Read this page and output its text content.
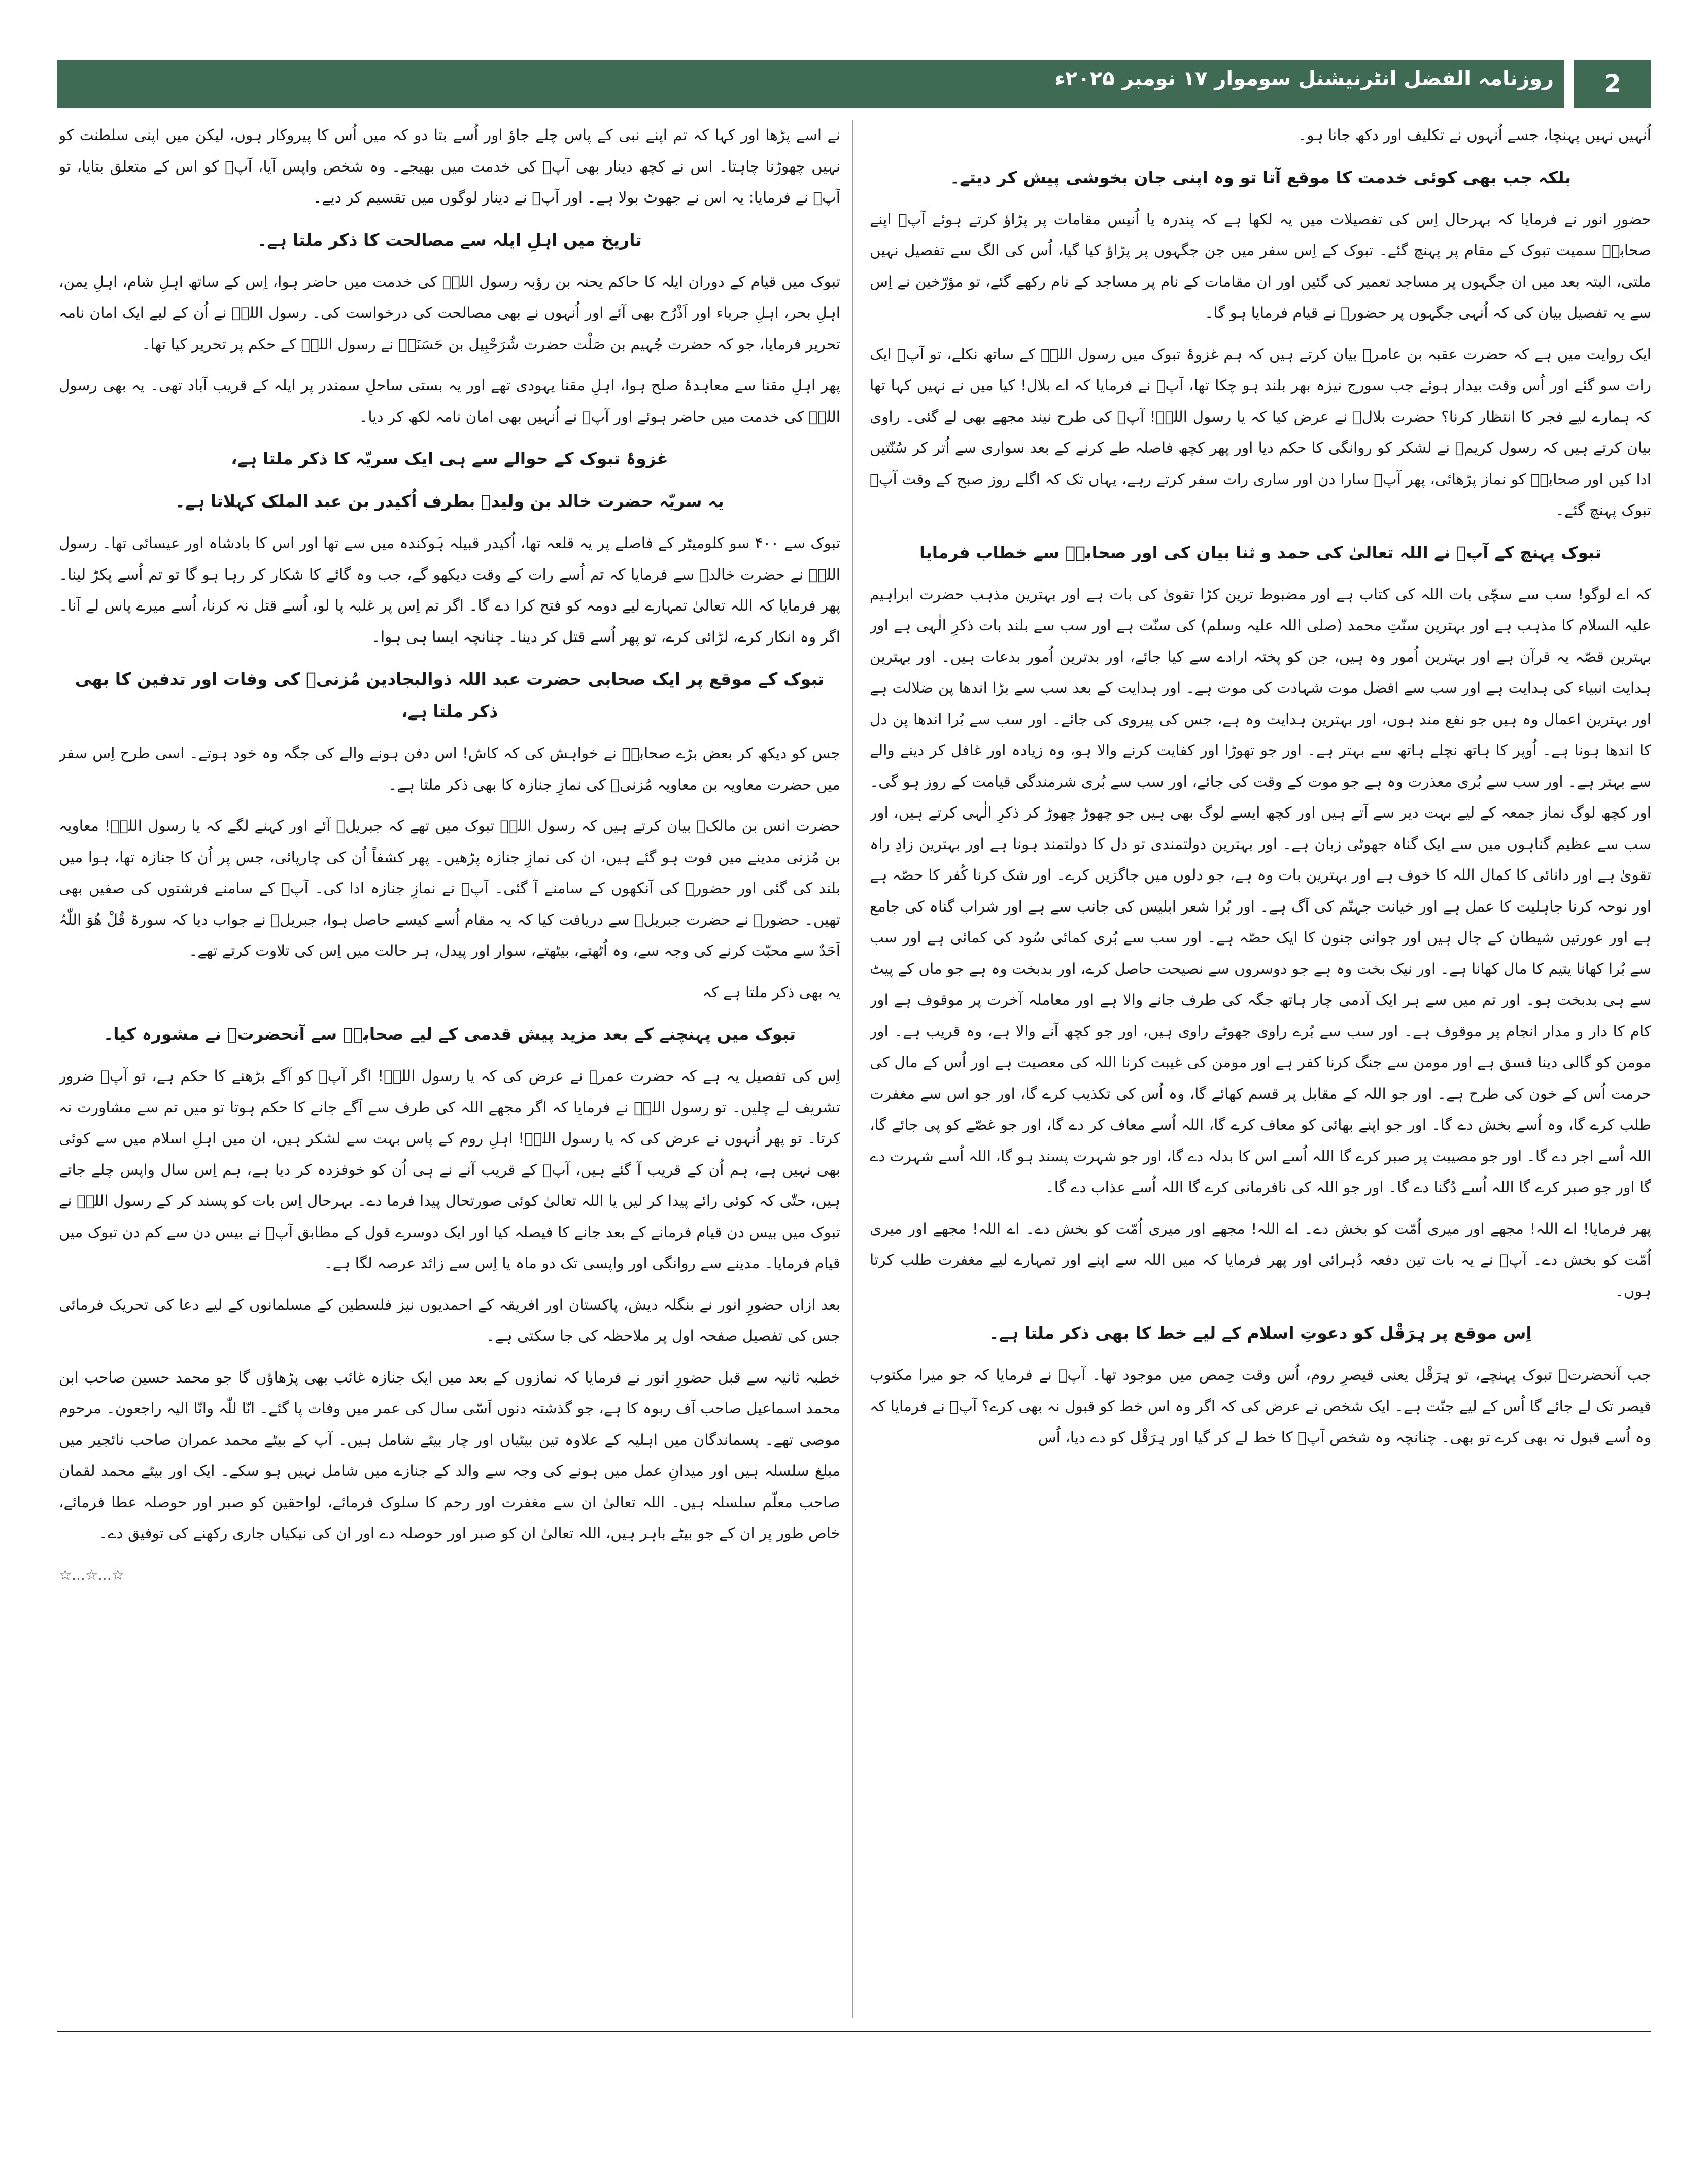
روزنامہ الفضل انٹرنیشنل سوموار ۱۷ نومبر ۲۰۲۵ء	2

اُنہیں نہیں پہنچا، جسے اُنہوں نے تکلیف اور دکھ جانا ہو۔

بلکہ جب بھی کوئی خدمت کا موقع آتا تو وہ اپنی جان بخوشی پیش کر دیتے۔

حضورِ انور نے فرمایا کہ بہرحال اِس کی تفصیلات میں یہ لکھا ہے کہ پندرہ یا اُنیس مقامات پر پڑاؤ کرتے ہوئے آپؐ اپنے صحابہؓ سمیت تبوک کے مقام پر پہنچ گئے۔ تبوک کے اِس سفر میں جن جگہوں پر پڑاؤ کیا گیا، اُس کی الگ سے تفصیل نہیں ملتی، البتہ بعد میں ان جگہوں پر مساجد تعمیر کی گئیں اور ان مقامات کے نام پر مساجد کے نام رکھے گئے، تو مؤرّخین نے اِس سے یہ تفصیل بیان کی کہ اُنہی جگہوں پر حضورؐ نے قیام فرمایا ہو گا۔

ایک روایت میں ہے کہ حضرت عقبہ بن عامرؓ بیان کرتے ہیں کہ ہم غزوۂ تبوک میں رسول اللہؐ کے ساتھ نکلے، تو آپؐ ایک رات سو گئے اور اُس وقت بیدار ہوئے جب سورج نیزہ بھر بلند ہو چکا تھا، آپؐ نے فرمایا کہ اے بلال! کیا میں نے نہیں کہا تھا کہ ہمارے لیے فجر کا انتظار کرنا؟ حضرت بلالؓ نے عرض کیا کہ یا رسول اللہؐ! آپؐ کی طرح نیند مجھے بھی لے گئی۔ راوی بیان کرتے ہیں کہ رسول کریمؐ نے لشکر کو روانگی کا حکم دیا اور پھر کچھ فاصلہ طے کرنے کے بعد سواری سے اُتر کر سُنّتیں ادا کیں اور صحابہؓ کو نماز پڑھائی، پھر آپؐ سارا دن اور ساری رات سفر کرتے رہے، یہاں تک کہ اگلے روز صبح کے وقت آپؐ تبوک پہنچ گئے۔

تبوک پہنچ کے آپؐ نے اللہ تعالیٰ کی حمد و ثنا بیان کی اور صحابہؓ سے خطاب فرمایا

کہ اے لوگو! سب سے سچّی بات اللہ کی کتاب ہے اور مضبوط ترین کڑا تقویٰ کی بات ہے اور بہترین مذہب حضرت ابراہیم علیہ السلام کا مذہب ہے اور بہترین سنّتِ محمد (صلی اللہ علیہ وسلم) کی سنّت ہے اور سب سے بلند بات ذکرِ الٰہی ہے اور بہترین قصّہ یہ قرآن ہے اور بہترین اُمور وہ ہیں، جن کو پختہ ارادے سے کیا جائے، اور بدترین اُمور بدعات ہیں۔ اور بہترین ہدایت انبیاء کی ہدایت ہے اور سب سے افضل موت شہادت کی موت ہے۔ اور ہدایت کے بعد سب سے بڑا اندھا پن ضلالت ہے اور بہترین اعمال وہ ہیں جو نفع مند ہوں، اور بہترین ہدایت وہ ہے، جس کی پیروی کی جائے۔ اور سب سے بُرا اندھا پن دل کا اندھا ہونا ہے۔ اُوپر کا ہاتھ نچلے ہاتھ سے بہتر ہے۔ اور جو تھوڑا اور کفایت کرنے والا ہو، وہ زیادہ اور غافل کر دینے والے سے بہتر ہے۔ اور سب سے بُری معذرت وہ ہے جو موت کے وقت کی جائے، اور سب سے بُری شرمندگی قیامت کے روز ہو گی۔ اور کچھ لوگ نماز جمعہ کے لیے بہت دیر سے آتے ہیں اور کچھ ایسے لوگ بھی ہیں جو چھوڑ چھوڑ کر ذکرِ الٰہی کرتے ہیں، اور سب سے عظیم گناہوں میں سے ایک گناہ جھوٹی زبان ہے۔ اور بہترین دولتمندی تو دل کا دولتمند ہونا ہے اور بہترین زادِ راہ تقویٰ ہے اور دانائی کا کمال اللہ کا خوف ہے اور بہترین بات وہ ہے، جو دلوں میں جاگزیں کرے۔ اور شک کرنا کُفر کا حصّہ ہے اور نوحہ کرنا جاہلیت کا عمل ہے اور خیانت جہنّم کی آگ ہے۔ اور بُرا شعر ابلیس کی جانب سے ہے اور شراب گناہ کی جامع ہے اور عورتیں شیطان کے جال ہیں اور جوانی جنون کا ایک حصّہ ہے۔ اور سب سے بُری کمائی سُود کی کمائی ہے اور سب سے بُرا کھانا یتیم کا مال کھانا ہے۔ اور نیک بخت وہ ہے جو دوسروں سے نصیحت حاصل کرے، اور بدبخت وہ ہے جو ماں کے پیٹ سے ہی بدبخت ہو۔ اور تم میں سے ہر ایک آدمی چار ہاتھ جگہ کی طرف جانے والا ہے اور معاملہ آخرت پر موقوف ہے اور کام کا دار و مدار انجام پر موقوف ہے۔ اور سب سے بُرے راوی جھوٹے راوی ہیں، اور جو کچھ آنے والا ہے، وہ قریب ہے۔ اور مومن کو گالی دینا فسق ہے اور مومن سے جنگ کرنا کفر ہے اور مومن کی غیبت کرنا اللہ کی معصیت ہے اور اُس کے مال کی حرمت اُس کے خون کی طرح ہے۔ اور جو اللہ کے مقابل پر قسم کھائے گا، وہ اُس کی تکذیب کرے گا، اور جو اس سے مغفرت طلب کرے گا، وہ اُسے بخش دے گا۔ اور جو اپنے بھائی کو معاف کرے گا، اللہ اُسے معاف کر دے گا، اور جو غصّے کو پی جائے گا، اللہ اُسے اجر دے گا۔ اور جو مصیبت پر صبر کرے گا اللہ اُسے اس کا بدلہ دے گا، اور جو شہرت پسند ہو گا، اللہ اُسے شہرت دے گا اور جو صبر کرے گا اللہ اُسے دُگنا دے گا۔ اور جو اللہ کی نافرمانی کرے گا اللہ اُسے عذاب دے گا۔

پھر فرمایا! اے اللہ! مجھے اور میری اُمّت کو بخش دے۔ اے اللہ! مجھے اور میری اُمّت کو بخش دے۔ اے اللہ! مجھے اور میری اُمّت کو بخش دے۔ آپؐ نے یہ بات تین دفعہ دُہرائی اور پھر فرمایا کہ میں اللہ سے اپنے اور تمہارے لیے مغفرت طلب کرتا ہوں۔

اِس موقع پر ہِرَقْل کو دعوتِ اسلام کے لیے خط کا بھی ذکر ملتا ہے۔

جب آنحضرتؐ تبوک پہنچے، تو ہِرَقْل یعنی قیصرِ روم، اُس وقت حِمص میں موجود تھا۔ آپؐ نے فرمایا کہ جو میرا مکتوب قیصر تک لے جائے گا اُس کے لیے جنّت ہے۔ ایک شخص نے عرض کی کہ اگر وہ اس خط کو قبول نہ بھی کرے؟ آپؐ نے فرمایا کہ وہ اُسے قبول نہ بھی کرے تو بھی۔ چنانچہ وہ شخص آپؐ کا خط لے کر گیا اور ہِرَقْل کو دے دیا، اُس

نے اسے پڑھا اور کہا کہ تم اپنے نبی کے پاس چلے جاؤ اور اُسے بتا دو کہ میں اُس کا پیروکار ہوں، لیکن میں اپنی سلطنت کو نہیں چھوڑنا چاہتا۔ اس نے کچھ دینار بھی آپؐ کی خدمت میں بھیجے۔ وہ شخص واپس آیا، آپؐ کو اس کے متعلق بتایا، تو آپؐ نے فرمایا: یہ اس نے جھوٹ بولا ہے۔ اور آپؐ نے دینار لوگوں میں تقسیم کر دیے۔

تاریخ میں اہلِ ایلہ سے مصالحت کا ذکر ملتا ہے۔

تبوک میں قیام کے دوران ایلہ کا حاکم یحنہ بن رؤبہ رسول اللہؐ کی خدمت میں حاضر ہوا، اِس کے ساتھ اہلِ شام، اہلِ یمن، اہلِ بحر، اہلِ جرباء اور اَذْرُح بھی آئے اور اُنہوں نے بھی مصالحت کی درخواست کی۔ رسول اللہؐ نے اُن کے لیے ایک امان نامہ تحریر فرمایا، جو کہ حضرت جُہیم بن صَلْت حضرت شُرَحْبِیل بن حَسَنَہؓ نے رسول اللہؐ کے حکم پر تحریر کیا تھا۔

پھر اہلِ مقنا سے معاہدۂ صلح ہوا، اہلِ مقنا یہودی تھے اور یہ بستی ساحلِ سمندر پر ایلہ کے قریب آباد تھی۔ یہ بھی رسول اللہؐ کی خدمت میں حاضر ہوئے اور آپؐ نے اُنہیں بھی امان نامہ لکھ کر دیا۔

غزوۂ تبوک کے حوالے سے ہی ایک سریّہ کا ذکر ملتا ہے،
یہ سریّہ حضرت خالد بن ولیدؓ بطرف اُکیدر بن عبد الملک کہلاتا ہے۔

تبوک سے ۴۰۰ سو کلومیٹر کے فاصلے پر یہ قلعہ تھا، اُکیدر قبیلہ ہَوکندہ میں سے تھا اور اس کا بادشاہ اور عیسائی تھا۔ رسول اللہؐ نے حضرت خالدؓ سے فرمایا کہ تم اُسے رات کے وقت دیکھو گے، جب وہ گائے کا شکار کر رہا ہو گا تو تم اُسے پکڑ لینا۔ پھر فرمایا کہ اللہ تعالیٰ تمہارے لیے دومہ کو فتح کرا دے گا۔ اگر تم اِس پر غلبہ پا لو، اُسے قتل نہ کرنا، اُسے میرے پاس لے آنا۔ اگر وہ انکار کرے، لڑائی کرے، تو پھر اُسے قتل کر دینا۔ چنانچہ ایسا ہی ہوا۔

تبوک کے موقع پر ایک صحابی حضرت عبد اللہ ذوالبجادین مُزنیؓ کی وفات اور تدفین کا بھی ذکر ملتا ہے،

جس کو دیکھ کر بعض بڑے صحابہؓ نے خواہش کی کہ کاش! اس دفن ہونے والے کی جگہ وہ خود ہوتے۔ اسی طرح اِس سفر میں حضرت معاویہ بن معاویہ مُزنیؓ کی نمازِ جنازہ کا بھی ذکر ملتا ہے۔

حضرت انس بن مالکؓ بیان کرتے ہیں کہ رسول اللہؐ تبوک میں تھے کہ جبریلؑ آئے اور کہنے لگے کہ یا رسول اللہؐ! معاویہ بن مُزنی مدینے میں فوت ہو گئے ہیں، ان کی نمازِ جنازہ پڑھیں۔ پھر کشفاً اُن کی چارپائی، جس پر اُن کا جنازہ تھا، ہوا میں بلند کی گئی اور حضورؐ کی آنکھوں کے سامنے آ گئی۔ آپؐ نے نمازِ جنازہ ادا کی۔ آپؐ کے سامنے فرشتوں کی صفیں بھی تھیں۔ حضورؐ نے حضرت جبریلؑ سے دریافت کیا کہ یہ مقام اُسے کیسے حاصل ہوا، جبریلؑ نے جواب دیا کہ سورۃ قُلْ ھُوَ اللّٰہُ اَحَدٌ سے محبّت کرنے کی وجہ سے، وہ اُٹھتے، بیٹھتے، سوار اور پیدل، ہر حالت میں اِس کی تلاوت کرتے تھے۔

یہ بھی ذکر ملتا ہے کہ

تبوک میں پہنچنے کے بعد مزید پیش قدمی کے لیے صحابہؓ سے آنحضرتؐ نے مشورہ کیا۔

اِس کی تفصیل یہ ہے کہ حضرت عمرؓ نے عرض کی کہ یا رسول اللہؐ! اگر آپؐ کو آگے بڑھنے کا حکم ہے، تو آپؐ ضرور تشریف لے چلیں۔ تو رسول اللہؐ نے فرمایا کہ اگر مجھے اللہ کی طرف سے آگے جانے کا حکم ہوتا تو میں تم سے مشاورت نہ کرتا۔ تو پھر اُنہوں نے عرض کی کہ یا رسول اللہؐ! اہلِ روم کے پاس بہت سے لشکر ہیں، ان میں اہلِ اسلام میں سے کوئی بھی نہیں ہے، ہم اُن کے قریب آ گئے ہیں، آپؐ کے قریب آنے نے ہی اُن کو خوفزدہ کر دیا ہے، ہم اِس سال واپس چلے جاتے ہیں، حتّٰی کہ کوئی رائے پیدا کر لیں یا اللہ تعالیٰ کوئی صورتحال پیدا فرما دے۔ بہرحال اِس بات کو پسند کر کے رسول اللہؐ نے تبوک میں بیس دن قیام فرمانے کے بعد جانے کا فیصلہ کیا اور ایک دوسرے قول کے مطابق آپؐ نے بیس دن سے کم دن تبوک میں قیام فرمایا۔ مدینے سے روانگی اور واپسی تک دو ماہ یا اِس سے زائد عرصہ لگا ہے۔

بعد ازاں حضورِ انور نے بنگلہ دیش، پاکستان اور افریقہ کے احمدیوں نیز فلسطین کے مسلمانوں کے لیے دعا کی تحریک فرمائی جس کی تفصیل صفحہ اول پر ملاحظہ کی جا سکتی ہے۔

خطبہ ثانیہ سے قبل حضورِ انور نے فرمایا کہ نمازوں کے بعد میں ایک جنازہ غائب بھی پڑھاؤں گا جو محمد حسین صاحب ابن محمد اسماعیل صاحب آف ربوہ کا ہے، جو گذشتہ دنوں اَسّی سال کی عمر میں وفات پا گئے۔ انّا للّٰہ وانّا الیہ راجعون۔ مرحوم موصی تھے۔ پسماندگان میں اہلیہ کے علاوہ تین بیٹیاں اور چار بیٹے شامل ہیں۔ آپ کے بیٹے محمد عمران صاحب نائجیر میں مبلغ سلسلہ ہیں اور میدانِ عمل میں ہونے کی وجہ سے والد کے جنازے میں شامل نہیں ہو سکے۔ ایک اور بیٹے محمد لقمان صاحب معلّم سلسلہ ہیں۔ اللہ تعالیٰ ان سے مغفرت اور رحم کا سلوک فرمائے، لواحقین کو صبر اور حوصلہ عطا فرمائے، خاص طور پر ان کے جو بیٹے باہر ہیں، اللہ تعالیٰ ان کو صبر اور حوصلہ دے اور ان کی نیکیاں جاری رکھنے کی توفیق دے۔

☆...☆...☆
